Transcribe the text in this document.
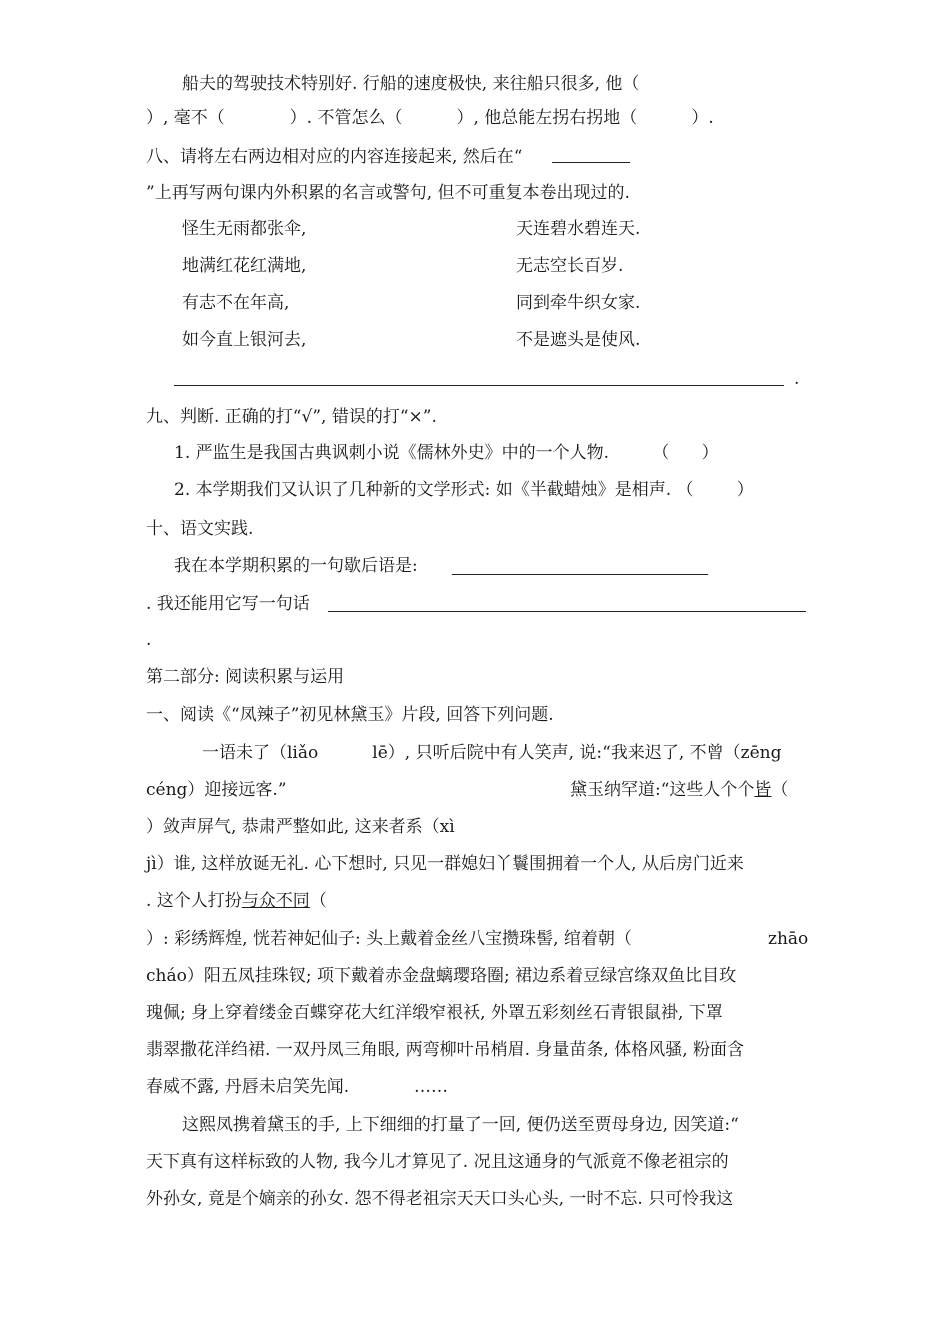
船夫的驾驶技术特别好. 行船的速度极快, 来往船只很多, 他（
）, 毫不（            ）. 不管怎么（          ）, 他总能左拐右拐地（          ）.
八、请将左右两边相对应的内容连接起来, 然后在“
”上再写两句课内外积累的名言或警句, 但不可重复本卷出现过的.
怪生无雨都张伞,
地满红花红满地,
有志不在年高,
如今直上银河去,
天连碧水碧连天.
无志空长百岁.
同到牵牛织女家.
不是遮头是使风.
.
九、判断. 正确的打“√”, 错误的打“×”.
1. 严监生是我国古典讽刺小说《儒林外史》中的一个人物.        （      ）
2. 本学期我们又认识了几种新的文学形式: 如《半截蜡烛》是相声. （        ）
十、语文实践.
我在本学期积累的一句歇后语是:
. 我还能用它写一句话
.
第二部分: 阅读积累与运用
一、阅读《“凤辣子”初见林黛玉》片段, 回答下列问题.
一语未了（liǎo          lē）, 只听后院中有人笑声, 说:“我来迟了, 不曾（zēng
céng）迎接远客.”	黛玉纳罕道:“这些人个个皆（
）敛声屏气, 恭肃严整如此, 这来者系（xì
jì）谁, 这样放诞无礼. 心下想时, 只见一群媳妇丫鬟围拥着一个人, 从后房门近来
. 这个人打扮与众不同（
）: 彩绣辉煌, 恍若神妃仙子: 头上戴着金丝八宝攒珠髻, 绾着朝（	zhāo
cháo）阳五凤挂珠钗; 项下戴着赤金盘螭璎珞圈; 裙边系着豆绿宫绦双鱼比目玫
瑰佩; 身上穿着缕金百蝶穿花大红洋缎窄裉袄, 外罩五彩刻丝石青银鼠褂, 下罩
翡翠撒花洋绉裙. 一双丹凤三角眼, 两弯柳叶吊梢眉. 身量苗条, 体格风骚, 粉面含
春威不露, 丹唇未启笑先闻.            ……
这熙凤携着黛玉的手, 上下细细的打量了一回, 便仍送至贾母身边, 因笑道:“
天下真有这样标致的人物, 我今儿才算见了. 况且这通身的气派竟不像老祖宗的
外孙女, 竟是个嫡亲的孙女. 怨不得老祖宗天天口头心头, 一时不忘. 只可怜我这
